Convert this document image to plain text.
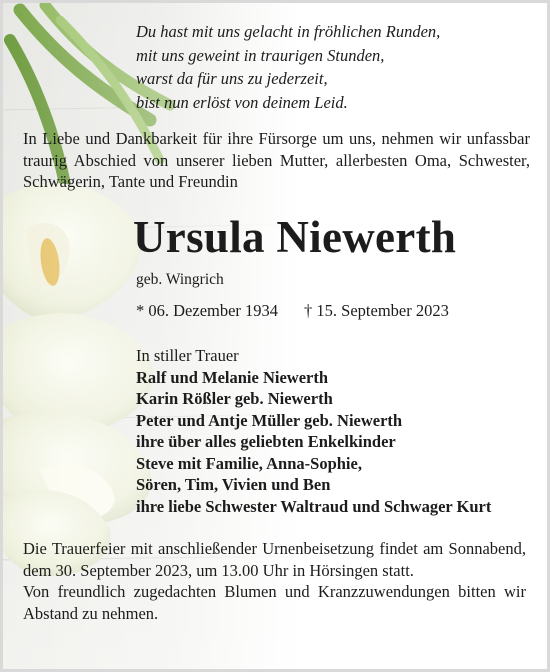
Du hast mit uns gelacht in fröhlichen Runden,
mit uns geweint in traurigen Stunden,
warst da für uns zu jederzeit,
bist nun erlöst von deinem Leid.
In Liebe und Dankbarkeit für ihre Fürsorge um uns, nehmen wir unfassbar traurig Abschied von unserer lieben Mutter, allerbesten Oma, Schwester, Schwägerin, Tante und Freundin
Ursula Niewerth
geb. Wingrich
* 06. Dezember 1934 † 15. September 2023
In stiller Trauer
Ralf und Melanie Niewerth
Karin Rößler geb. Niewerth
Peter und Antje Müller geb. Niewerth
ihre über alles geliebten Enkelkinder
Steve mit Familie, Anna-Sophie,
Sören, Tim, Vivien und Ben
ihre liebe Schwester Waltraud und Schwager Kurt

Die Trauerfeier mit anschließender Urnenbeisetzung findet am Sonnabend, dem 30. September 2023, um 13.00 Uhr in Hörsingen statt.

Von freundlich zugedachten Blumen und Kranzzuwendungen bitten wir Abstand zu nehmen.
